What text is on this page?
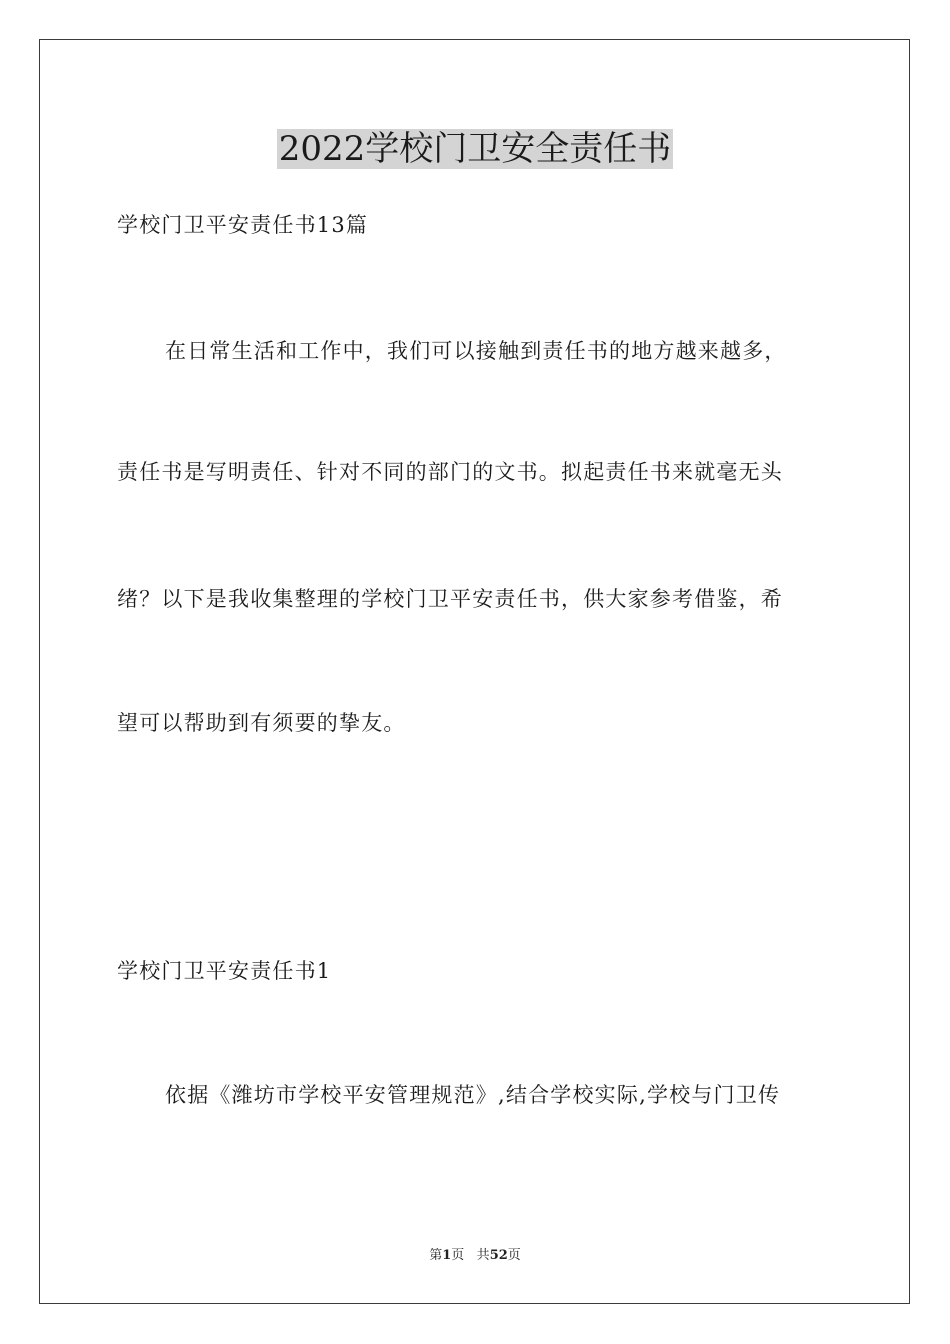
2022学校门卫安全责任书
学校门卫平安责任书13篇
在日常生活和工作中，我们可以接触到责任书的地方越来越多，
责任书是写明责任、针对不同的部门的文书。拟起责任书来就毫无头
绪？以下是我收集整理的学校门卫平安责任书，供大家参考借鉴，希
望可以帮助到有须要的挚友。
学校门卫平安责任书1
依据《潍坊市学校平安管理规范》,结合学校实际,学校与门卫传
第1页 共52页
